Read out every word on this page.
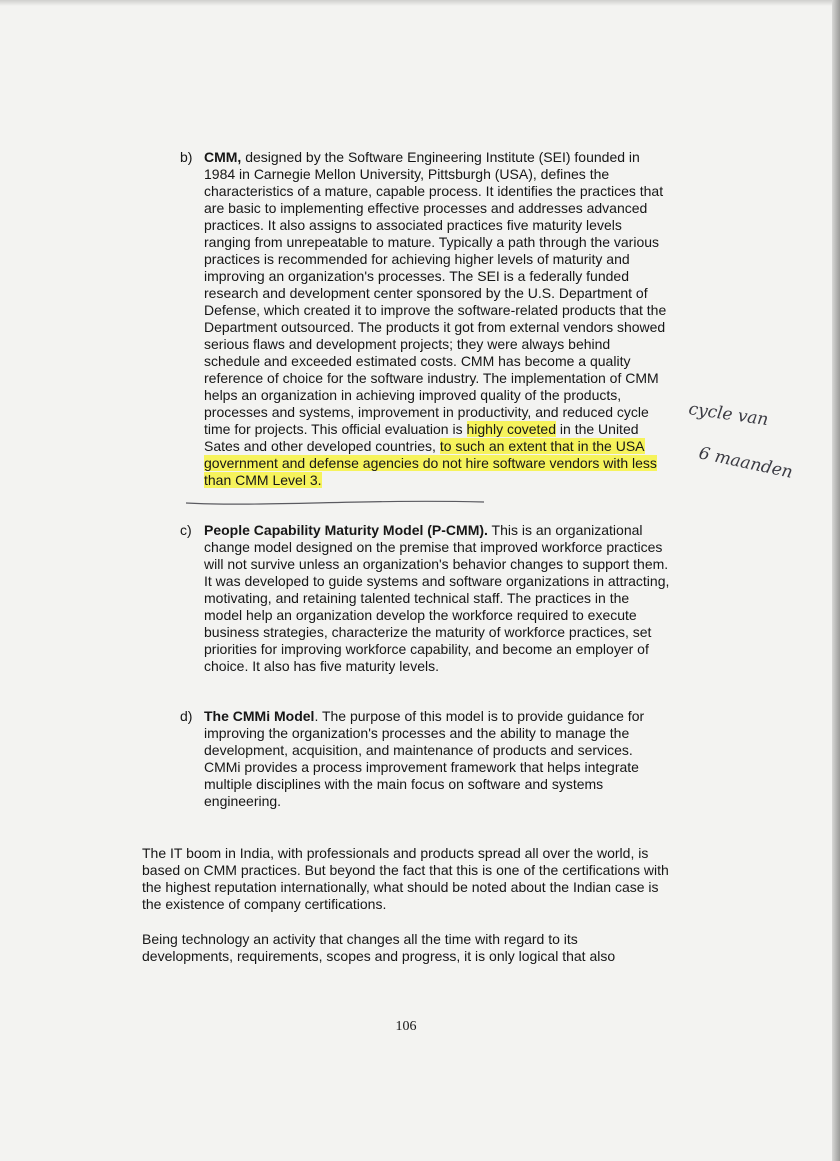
b) CMM, designed by the Software Engineering Institute (SEI) founded in 1984 in Carnegie Mellon University, Pittsburgh (USA), defines the characteristics of a mature, capable process. It identifies the practices that are basic to implementing effective processes and addresses advanced practices. It also assigns to associated practices five maturity levels ranging from unrepeatable to mature. Typically a path through the various practices is recommended for achieving higher levels of maturity and improving an organization's processes. The SEI is a federally funded research and development center sponsored by the U.S. Department of Defense, which created it to improve the software-related products that the Department outsourced. The products it got from external vendors showed serious flaws and development projects; they were always behind schedule and exceeded estimated costs. CMM has become a quality reference of choice for the software industry. The implementation of CMM helps an organization in achieving improved quality of the products, processes and systems, improvement in productivity, and reduced cycle time for projects. This official evaluation is highly coveted in the United Sates and other developed countries, to such an extent that in the USA government and defense agencies do not hire software vendors with less than CMM Level 3.
c) People Capability Maturity Model (P-CMM). This is an organizational change model designed on the premise that improved workforce practices will not survive unless an organization's behavior changes to support them. It was developed to guide systems and software organizations in attracting, motivating, and retaining talented technical staff. The practices in the model help an organization develop the workforce required to execute business strategies, characterize the maturity of workforce practices, set priorities for improving workforce capability, and become an employer of choice. It also has five maturity levels.
d) The CMMi Model. The purpose of this model is to provide guidance for improving the organization's processes and the ability to manage the development, acquisition, and maintenance of products and services. CMMi provides a process improvement framework that helps integrate multiple disciplines with the main focus on software and systems engineering.

The IT boom in India, with professionals and products spread all over the world, is based on CMM practices. But beyond the fact that this is one of the certifications with the highest reputation internationally, what should be noted about the Indian case is the existence of company certifications.

Being technology an activity that changes all the time with regard to its developments, requirements, scopes and progress, it is only logical that also

106
cycle van
6 maanden
